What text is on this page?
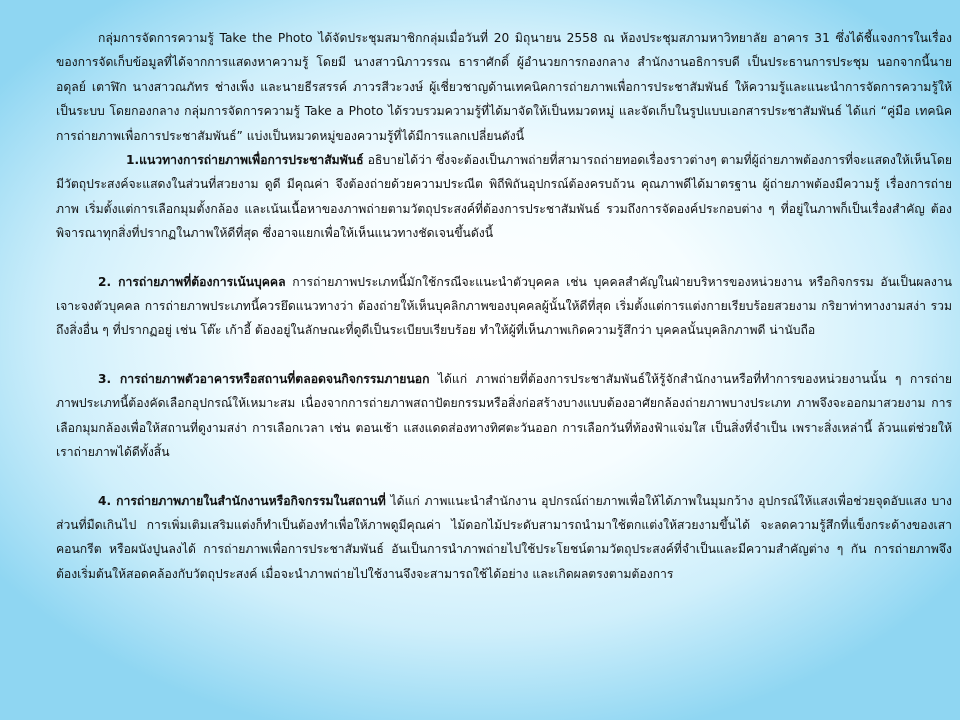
กลุ่มการจัดการความรู้ Take the Photo ได้จัดประชุมสมาชิกกลุ่มเมื่อวันที่ 20 มิถุนายน 2558 ณ ห้องประชุมสภามหาวิทยาลัย อาคาร 31 ซึ่งได้ชี้แจงการในเรื่องของการจัดเก็บข้อมูลที่ได้จากการแสดงหาความรู้ โดยมี นางสาวนิภาวรรณ ธาราศักดิ์ ผู้อำนวยการกองกลาง สำนักงานอธิการบดี เป็นประธานการประชุม นอกจากนี้นายอดุลย์ เตาฬิก นางสาวณภัทร ช่างเพ็ง และนายธีรสรรค์ ภาวรสีวะวงษ์ ผู้เชี่ยวชาญด้านเทคนิคการถ่ายภาพเพื่อการประชาสัมพันธ์ ให้ความรู้และแนะนำการจัดการความรู้ให้เป็นระบบ โดยกองกลาง กลุ่มการจัดการความรู้ Take a Photo ได้รวบรวมความรู้ที่ได้มาจัดให้เป็นหมวดหมู่ และจัดเก็บในรูปแบบเอกสารประชาสัมพันธ์ ได้แก่ “คู่มือ เทคนิคการถ่ายภาพเพื่อการประชาสัมพันธ์” แบ่งเป็นหมวดหมู่ของความรู้ที่ได้มีการแลกเปลี่ยนดังนี้

1.แนวทางการถ่ายภาพเพื่อการประชาสัมพันธ์ อธิบายได้ว่า ซึ่งจะต้องเป็นภาพถ่ายที่สามารถถ่ายทอดเรื่องราวต่างๆ ตามที่ผู้ถ่ายภาพต้องการที่จะแสดงให้เห็นโดยมีวัตถุประสงค์จะแสดงในส่วนที่สวยงาม ดูดี มีคุณค่า จึงต้องถ่ายด้วยความประณีต พิถีพิถันอุปกรณ์ต้องครบถ้วน คุณภาพดีได้มาตรฐาน ผู้ถ่ายภาพต้องมีความรู้ เรื่องการถ่ายภาพ เริ่มตั้งแต่การเลือกมุมตั้งกล้อง และเน้นเนื้อหาของภาพถ่ายตามวัตถุประสงค์ที่ต้องการประชาสัมพันธ์ รวมถึงการจัดองค์ประกอบต่าง ๆ ที่อยู่ในภาพก็เป็นเรื่องสำคัญ ต้องพิจารณาทุกสิ่งที่ปรากฏในภาพให้ดีที่สุด ซึ่งอาจแยกเพื่อให้เห็นแนวทางชัดเจนขึ้นดังนี้

2. การถ่ายภาพที่ต้องการเน้นบุคคล การถ่ายภาพประเภทนี้มักใช้กรณีจะแนะนำตัวบุคคล เช่น บุคคลสำคัญในฝ่ายบริหารของหน่วยงาน หรือกิจกรรม อันเป็นผลงานเจาะจงตัวบุคคล การถ่ายภาพประเภทนี้ควรยึดแนวทางว่า ต้องถ่ายให้เห็นบุคลิกภาพของบุคคลผู้นั้นให้ดีที่สุด เริ่มตั้งแต่การแต่งกายเรียบร้อยสวยงาม กริยาท่าทางงามสง่า รวมถึงสิ่งอื่น ๆ ที่ปรากฏอยู่ เช่น โต๊ะ เก้าอี้ ต้องอยู่ในลักษณะที่ดูดีเป็นระเบียบเรียบร้อย ทำให้ผู้ที่เห็นภาพเกิดความรู้สึกว่า บุคคลนั้นบุคลิกภาพดี น่านับถือ

3. การถ่ายภาพตัวอาคารหรือสถานที่ตลอดจนกิจกรรมภายนอก ได้แก่ ภาพถ่ายที่ต้องการประชาสัมพันธ์ให้รู้จักสำนักงานหรือที่ทำการของหน่วยงานนั้น ๆ การถ่ายภาพประเภทนี้ต้องคัดเลือกอุปกรณ์ให้เหมาะสม เนื่องจากการถ่ายภาพสถาปัตยกรรมหรือสิ่งก่อสร้างบางแบบต้องอาศัยกล้องถ่ายภาพบางประเภท ภาพจึงจะออกมาสวยงาม การเลือกมุมกล้องเพื่อให้สถานที่ดูงามสง่า การเลือกเวลา เช่น ตอนเช้า แสงแดดส่องทางทิศตะวันออก การเลือกวันที่ท้องฟ้าแจ่มใส เป็นสิ่งที่จำเป็น เพราะสิ่งเหล่านี้ ล้วนแต่ช่วยให้เราถ่ายภาพได้ดีทั้งสิ้น

4. การถ่ายภาพภายในสำนักงานหรือกิจกรรมในสถานที่ ได้แก่ ภาพแนะนำสำนักงาน อุปกรณ์ถ่ายภาพเพื่อให้ได้ภาพในมุมกว้าง อุปกรณ์ให้แสงเพื่อช่วยจุดอับแสง บางส่วนที่มืดเกินไป การเพิ่มเติมเสริมแต่งก็ทำเป็นต้องทำเพื่อให้ภาพดูมีคุณค่า ไม้ดอกไม้ประดับสามารถนำมาใช้ตกแต่งให้สวยงามขึ้นได้ จะลดความรู้สึกที่แข็งกระด้างของเสาคอนกรีต หรือผนังปูนลงได้ การถ่ายภาพเพื่อการประชาสัมพันธ์ อันเป็นการนำภาพถ่ายไปใช้ประโยชน์ตามวัตถุประสงค์ที่จำเป็นและมีความสำคัญต่าง ๆ กัน การถ่ายภาพจึงต้องเริ่มต้นให้สอดคล้องกับวัตถุประสงค์ เมื่อจะนำภาพถ่ายไปใช้งานจึงจะสามารถใช้ได้อย่าง และเกิดผลตรงตามต้องการ
